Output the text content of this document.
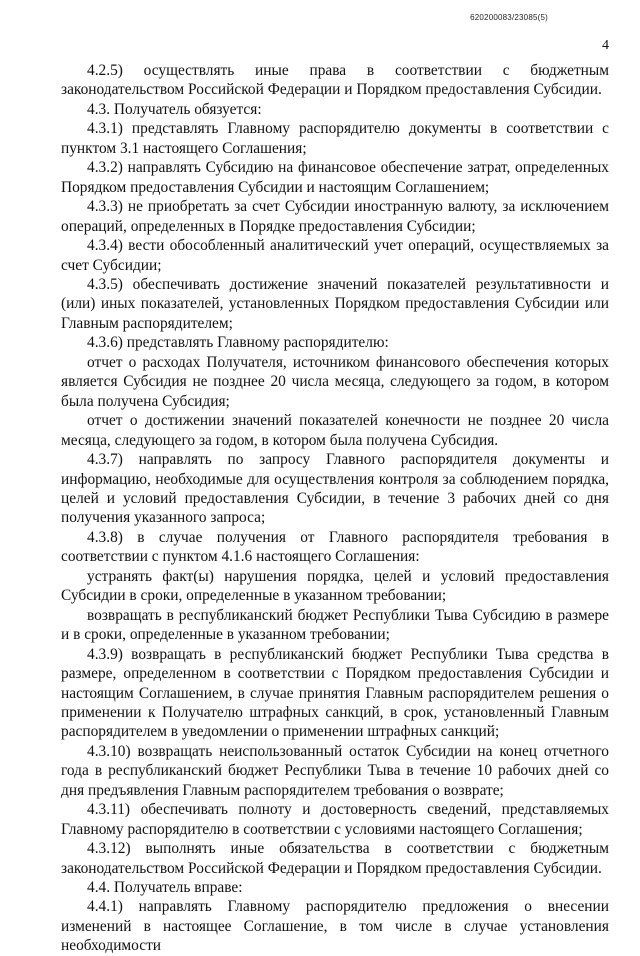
620200083/23085(5)
4

4.2.5) осуществлять иные права в соответствии с бюджетным законодательством Российской Федерации и Порядком предоставления Субсидии.

4.3. Получатель обязуется:

4.3.1) представлять Главному распорядителю документы в соответствии с пунктом 3.1 настоящего Соглашения;

4.3.2) направлять Субсидию на финансовое обеспечение затрат, определенных Порядком предоставления Субсидии и настоящим Соглашением;

4.3.3) не приобретать за счет Субсидии иностранную валюту, за исключением операций, определенных в Порядке предоставления Субсидии;

4.3.4) вести обособленный аналитический учет операций, осуществляемых за счет Субсидии;

4.3.5) обеспечивать достижение значений показателей результативности и (или) иных показателей, установленных Порядком предоставления Субсидии или Главным распорядителем;

4.3.6) представлять Главному распорядителю:

отчет о расходах Получателя, источником финансового обеспечения которых является Субсидия не позднее 20 числа месяца, следующего за годом, в котором была получена Субсидия;

отчет о достижении значений показателей конечности не позднее 20 числа месяца, следующего за годом, в котором была получена Субсидия.

4.3.7) направлять по запросу Главного распорядителя документы и информацию, необходимые для осуществления контроля за соблюдением порядка, целей и условий предоставления Субсидии, в течение 3 рабочих дней со дня получения указанного запроса;

4.3.8) в случае получения от Главного распорядителя требования в соответствии с пунктом 4.1.6 настоящего Соглашения:

устранять факт(ы) нарушения порядка, целей и условий предоставления Субсидии в сроки, определенные в указанном требовании;

возвращать в республиканский бюджет Республики Тыва Субсидию в размере и в сроки, определенные в указанном требовании;

4.3.9) возвращать в республиканский бюджет Республики Тыва средства в размере, определенном в соответствии с Порядком предоставления Субсидии и настоящим Соглашением, в случае принятия Главным распорядителем решения о применении к Получателю штрафных санкций, в срок, установленный Главным распорядителем в уведомлении о применении штрафных санкций;

4.3.10) возвращать неиспользованный остаток Субсидии на конец отчетного года в республиканский бюджет Республики Тыва в течение 10 рабочих дней со дня предъявления Главным распорядителем требования о возврате;

4.3.11) обеспечивать полноту и достоверность сведений, представляемых Главному распорядителю в соответствии с условиями настоящего Соглашения;

4.3.12) выполнять иные обязательства в соответствии с бюджетным законодательством Российской Федерации и Порядком предоставления Субсидии.

4.4. Получатель вправе:

4.4.1) направлять Главному распорядителю предложения о внесении изменений в настоящее Соглашение, в том числе в случае установления необходимости
